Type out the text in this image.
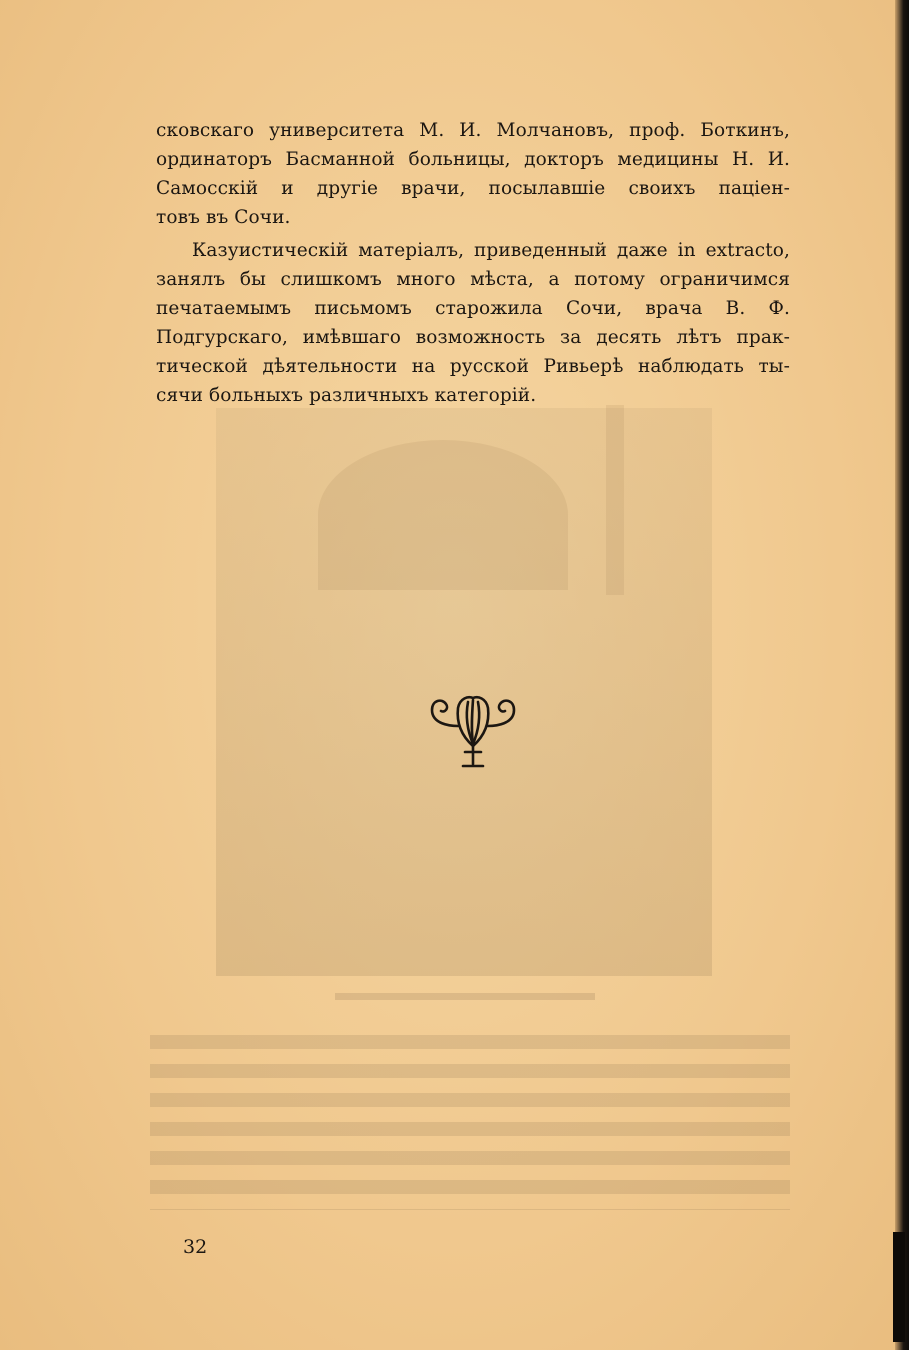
сковскаго университета М. И. Молчановъ, проф. Боткинъ,
ординаторъ Басманной больницы, докторъ медицины Н. И.
Самосскій и другіе врачи, посылавшіе своихъ паціен-
товъ въ Сочи.
Казуистическій матеріалъ, приведенный даже in extracto,
занялъ бы слишкомъ много мѣста, а потому ограничимся
печатаемымъ письмомъ старожила Сочи, врача В. Ф.
Подгурскаго, имѣвшаго возможность за десять лѣтъ прак-
тической дѣятельности на русской Ривьерѣ наблюдать ты-
сячи больныхъ различныхъ категорій.
32
